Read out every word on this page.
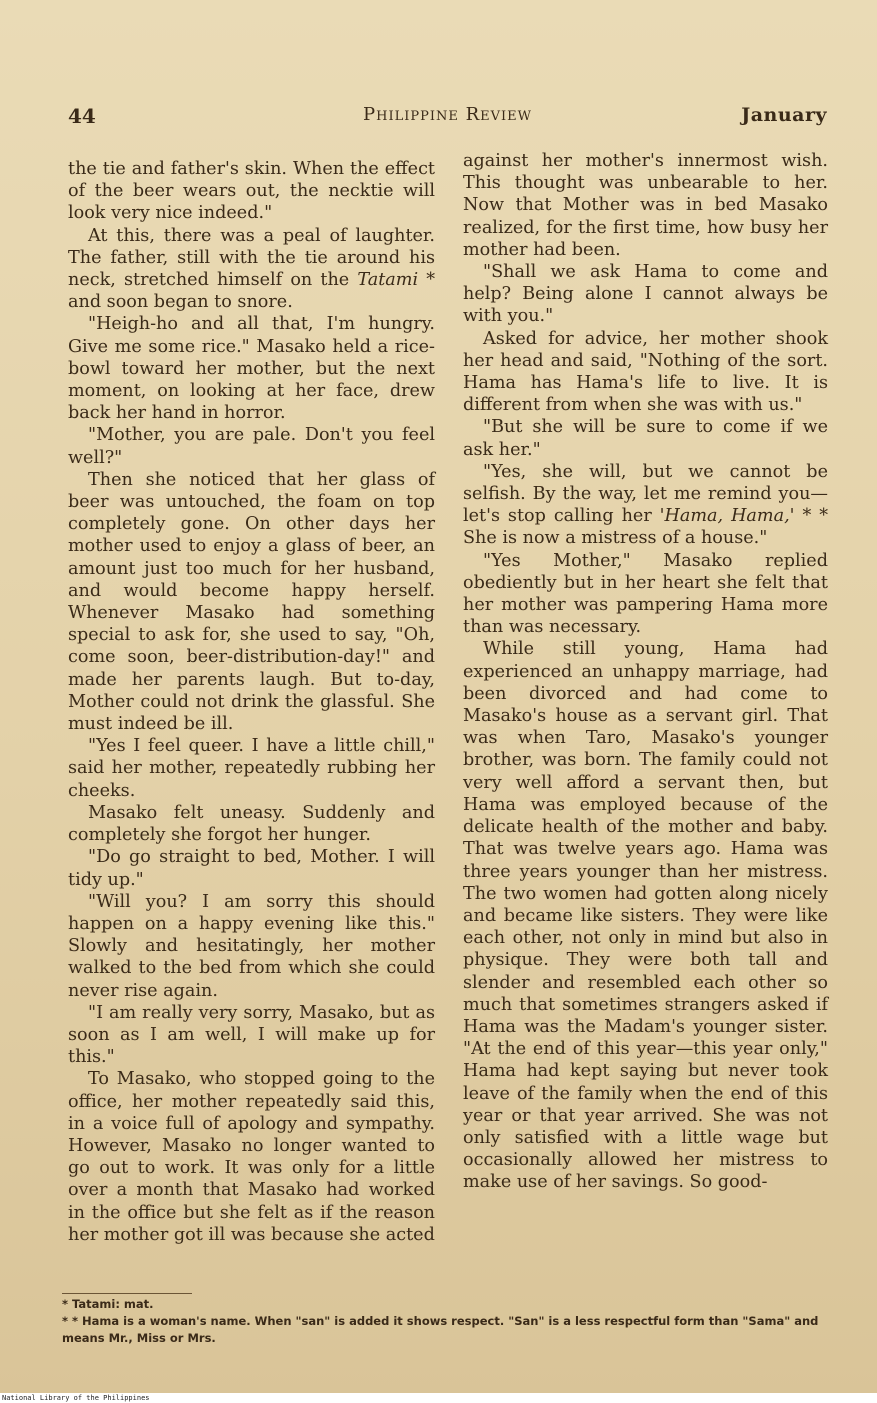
44	Philippine Review	January

the tie and father's skin. When the effect of the beer wears out, the necktie will look very nice indeed."

At this, there was a peal of laughter. The father, still with the tie around his neck, stretched himself on the Tatami * and soon began to snore.

"Heigh-ho and all that, I'm hungry. Give me some rice." Masako held a rice-bowl toward her mother, but the next moment, on looking at her face, drew back her hand in horror.

"Mother, you are pale. Don't you feel well?"

Then she noticed that her glass of beer was untouched, the foam on top completely gone. On other days her mother used to enjoy a glass of beer, an amount just too much for her husband, and would become happy herself. Whenever Masako had something special to ask for, she used to say, "Oh, come soon, beer-distribution-day!" and made her parents laugh. But to-day, Mother could not drink the glassful. She must indeed be ill.

"Yes I feel queer. I have a little chill," said her mother, repeatedly rubbing her cheeks.

Masako felt uneasy. Suddenly and completely she forgot her hunger.

"Do go straight to bed, Mother. I will tidy up."

"Will you? I am sorry this should happen on a happy evening like this." Slowly and hesitatingly, her mother walked to the bed from which she could never rise again.

"I am really very sorry, Masako, but as soon as I am well, I will make up for this."

To Masako, who stopped going to the office, her mother repeatedly said this, in a voice full of apology and sympathy. However, Masako no longer wanted to go out to work. It was only for a little over a month that Masako had worked in the office but she felt as if the reason her mother got ill was because she acted

against her mother's innermost wish. This thought was unbearable to her. Now that Mother was in bed Masako realized, for the first time, how busy her mother had been.

"Shall we ask Hama to come and help? Being alone I cannot always be with you."

Asked for advice, her mother shook her head and said, "Nothing of the sort. Hama has Hama's life to live. It is different from when she was with us."

"But she will be sure to come if we ask her."

"Yes, she will, but we cannot be selfish. By the way, let me remind you—let's stop calling her 'Hama, Hama,' * * She is now a mistress of a house."

"Yes Mother," Masako replied obediently but in her heart she felt that her mother was pampering Hama more than was necessary.

While still young, Hama had experienced an unhappy marriage, had been divorced and had come to Masako's house as a servant girl. That was when Taro, Masako's younger brother, was born. The family could not very well afford a servant then, but Hama was employed because of the delicate health of the mother and baby. That was twelve years ago. Hama was three years younger than her mistress. The two women had gotten along nicely and became like sisters. They were like each other, not only in mind but also in physique. They were both tall and slender and resembled each other so much that sometimes strangers asked if Hama was the Madam's younger sister. "At the end of this year—this year only," Hama had kept saying but never took leave of the family when the end of this year or that year arrived. She was not only satisfied with a little wage but occasionally allowed her mistress to make use of her savings. So good-

* Tatami: mat.

* * Hama is a woman's name. When "san" is added it shows respect. "San" is a less respectful form than "Sama" and means Mr., Miss or Mrs.

National Library of the Philippines
